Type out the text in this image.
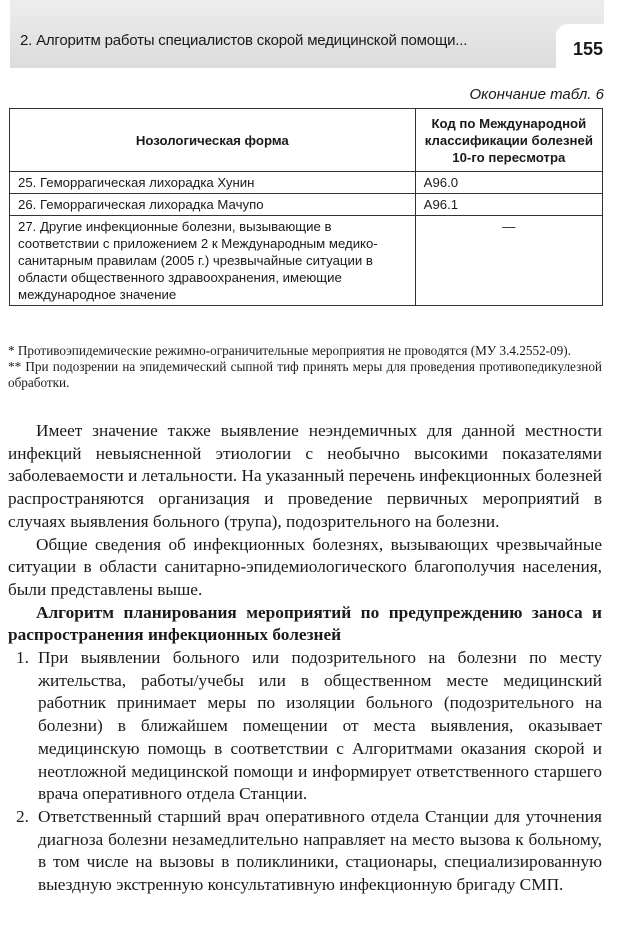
2. Алгоритм работы специалистов скорой медицинской помощи...	155
Окончание табл. 6
Нозологическая форма	Код по Международной классификации болезней 10-го пересмотра
25. Геморрагическая лихорадка Хунин	А96.0
26. Геморрагическая лихорадка Мачупо	А96.1
27. Другие инфекционные болезни, вызывающие в соответствии с приложением 2 к Международным медико-санитарным правилам (2005 г.) чрезвычайные ситуации в области общественного здравоохранения, имеющие международное значение	—

* Противоэпидемические режимно-ограничительные мероприятия не проводятся (МУ 3.4.2552-09).

** При подозрении на эпидемический сыпной тиф принять меры для проведения противопедикулезной обработки.

Имеет значение также выявление неэндемичных для данной местности инфекций невыясненной этиологии с необычно высокими показателями заболеваемости и летальности. На указанный перечень инфекционных болезней распространяются организация и проведение первичных мероприятий в случаях выявления больного (трупа), подозрительного на болезни.

Общие сведения об инфекционных болезнях, вызывающих чрезвычайные ситуации в области санитарно-эпидемиологического благополучия населения, были представлены выше.

Алгоритм планирования мероприятий по предупреждению заноса и распространения инфекционных болезней
1. При выявлении больного или подозрительного на болезни по месту жительства, работы/учебы или в общественном месте медицинский работник принимает меры по изоляции больного (подозрительного на болезни) в ближайшем помещении от места выявления, оказывает медицинскую помощь в соответствии с Алгоритмами оказания скорой и неотложной медицинской помощи и информирует ответственного старшего врача оперативного отдела Станции.
2. Ответственный старший врач оперативного отдела Станции для уточнения диагноза болезни незамедлительно направляет на место вызова к больному, в том числе на вызовы в поликлиники, стационары, специализированную выездную экстренную консультативную инфекционную бригаду СМП.
